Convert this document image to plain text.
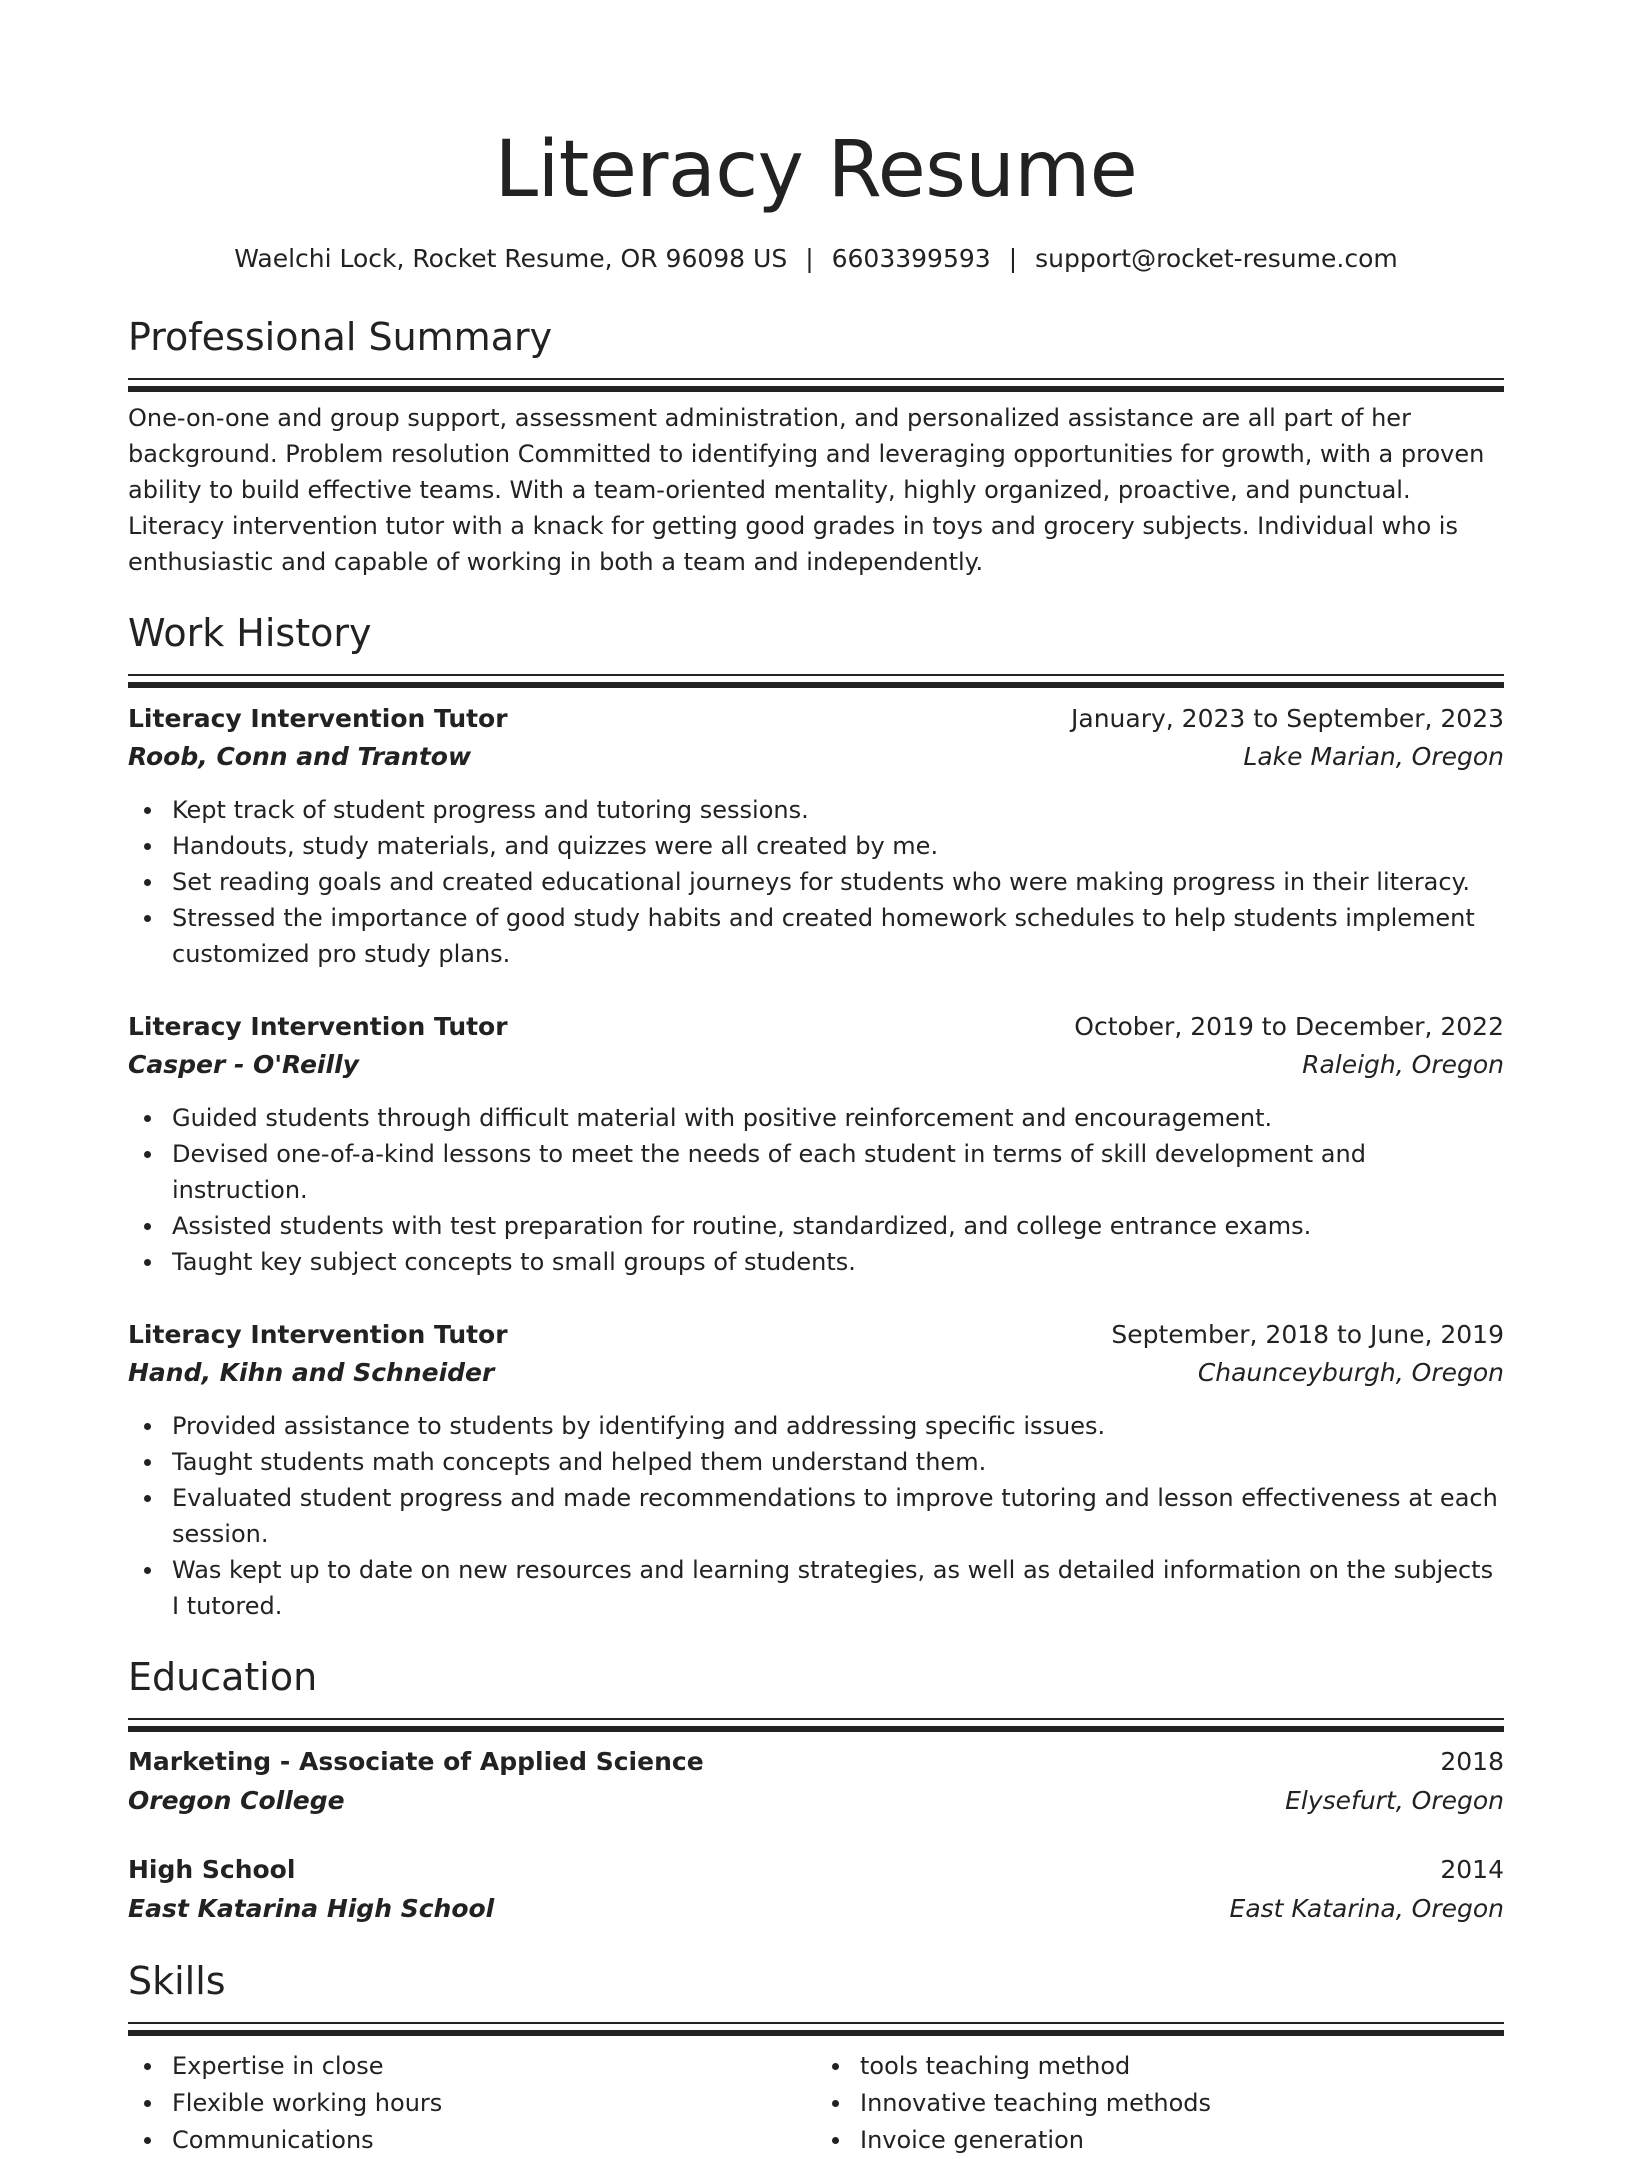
Literacy Resume
Waelchi Lock, Rocket Resume, OR 96098 US | 6603399593 | support@rocket-resume.com
Professional Summary

One-on-one and group support, assessment administration, and personalized assistance are all part of her background. Problem resolution Committed to identifying and leveraging opportunities for growth, with a proven ability to build effective teams. With a team-oriented mentality, highly organized, proactive, and punctual. Literacy intervention tutor with a knack for getting good grades in toys and grocery subjects. Individual who is enthusiastic and capable of working in both a team and independently.

Work History
Literacy Intervention Tutor	January, 2023 to September, 2023
Roob, Conn and Trantow	Lake Marian, Oregon
Kept track of student progress and tutoring sessions.
Handouts, study materials, and quizzes were all created by me.
Set reading goals and created educational journeys for students who were making progress in their literacy.
Stressed the importance of good study habits and created homework schedules to help students implement customized pro study plans.
Literacy Intervention Tutor	October, 2019 to December, 2022
Casper - O'Reilly	Raleigh, Oregon
Guided students through difficult material with positive reinforcement and encouragement.
Devised one-of-a-kind lessons to meet the needs of each student in terms of skill development and instruction.
Assisted students with test preparation for routine, standardized, and college entrance exams.
Taught key subject concepts to small groups of students.
Literacy Intervention Tutor	September, 2018 to June, 2019
Hand, Kihn and Schneider	Chaunceyburgh, Oregon
Provided assistance to students by identifying and addressing specific issues.
Taught students math concepts and helped them understand them.
Evaluated student progress and made recommendations to improve tutoring and lesson effectiveness at each session.
Was kept up to date on new resources and learning strategies, as well as detailed information on the subjects I tutored.
Education
Marketing - Associate of Applied Science	2018
Oregon College	Elysefurt, Oregon
High School	2014
East Katarina High School	East Katarina, Oregon
Skills
Expertise in close
Flexible working hours
Communications
tools teaching method
Innovative teaching methods
Invoice generation
